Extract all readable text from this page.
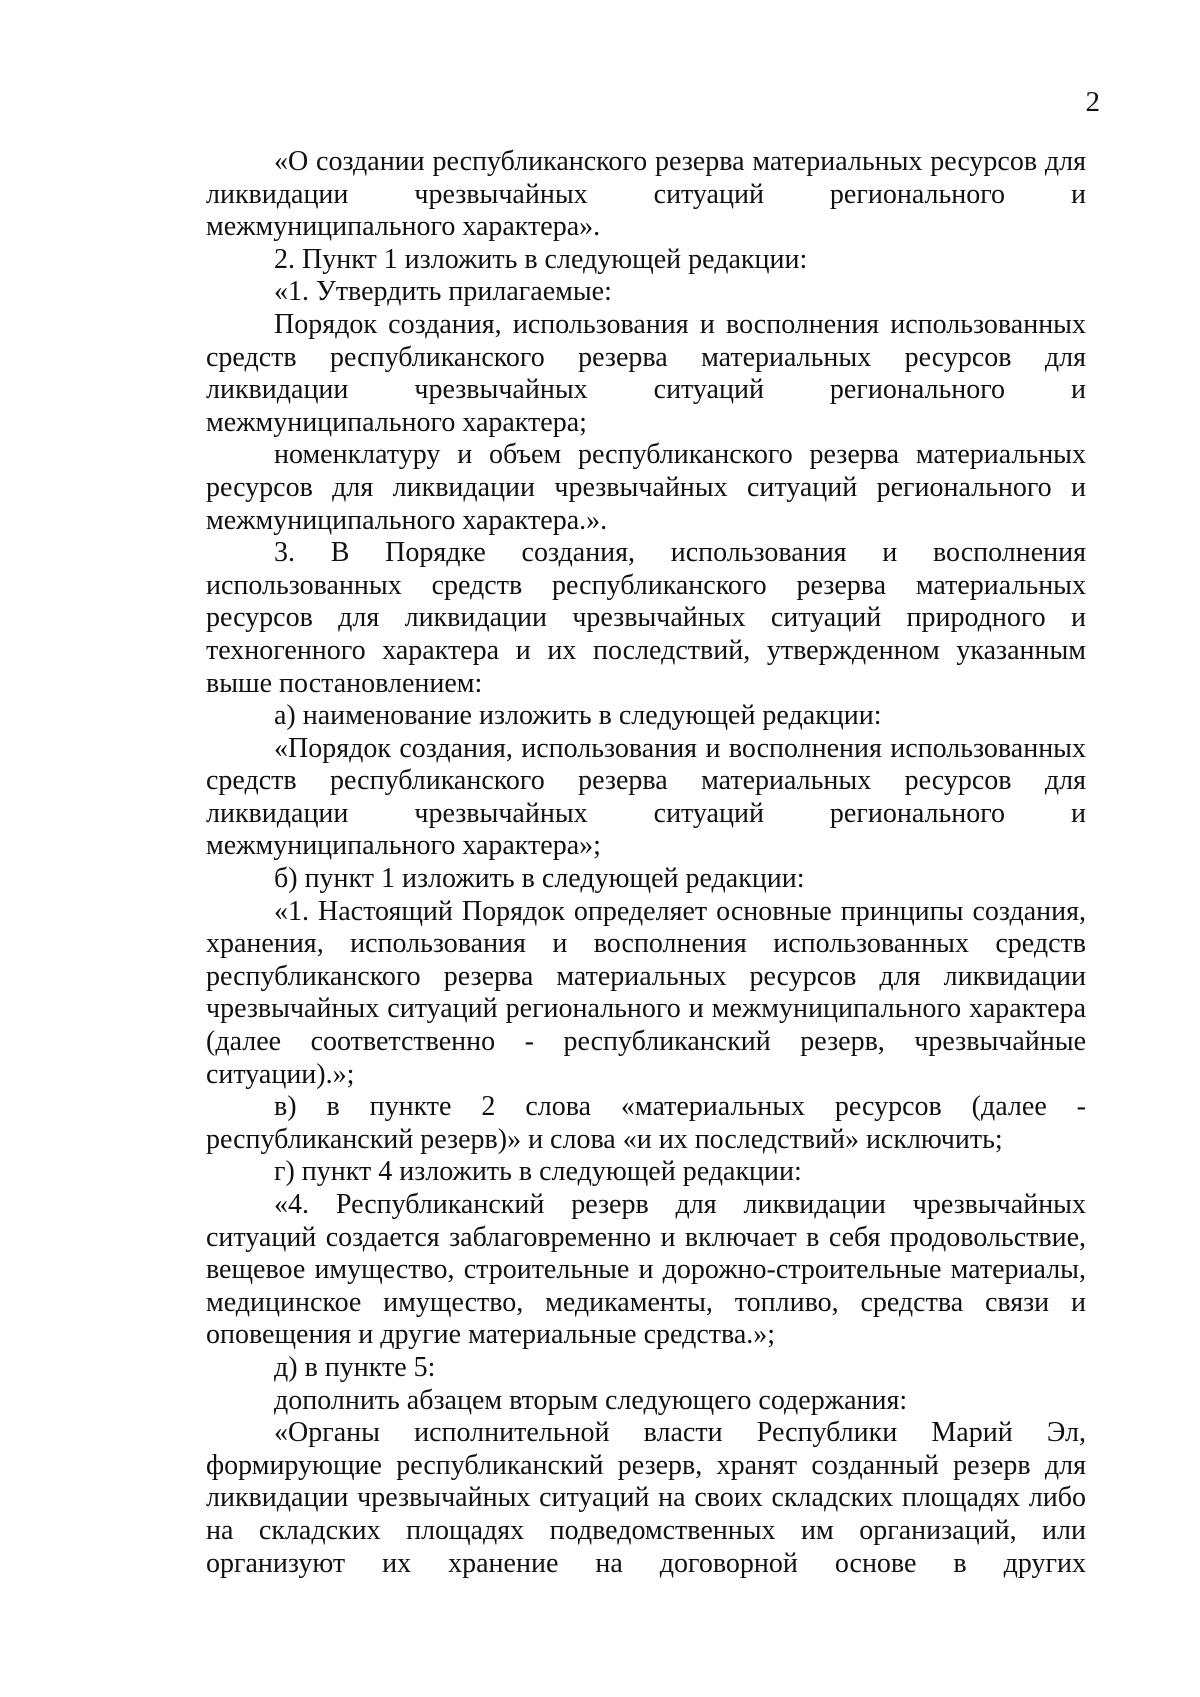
2

«О создании республиканского резерва материальных ресурсов для ликвидации чрезвычайных ситуаций регионального и межмуниципального характера».

2. Пункт 1 изложить в следующей редакции:

«1. Утвердить прилагаемые:

Порядок создания, использования и восполнения использованных средств республиканского резерва материальных ресурсов для ликвидации чрезвычайных ситуаций регионального и межмуниципального характера;

номенклатуру и объем республиканского резерва материальных ресурсов для ликвидации чрезвычайных ситуаций регионального и межмуниципального характера.».

3. В Порядке создания, использования и восполнения использованных средств республиканского резерва материальных ресурсов для ликвидации чрезвычайных ситуаций природного и техногенного характера и их последствий, утвержденном указанным выше постановлением:

а) наименование изложить в следующей редакции:

«Порядок создания, использования и восполнения использованных средств республиканского резерва материальных ресурсов для ликвидации чрезвычайных ситуаций регионального и межмуниципального характера»;

б) пункт 1 изложить в следующей редакции:

«1. Настоящий Порядок определяет основные принципы создания, хранения, использования и восполнения использованных средств республиканского резерва материальных ресурсов для ликвидации чрезвычайных ситуаций регионального и межмуниципального характера (далее соответственно - республиканский резерв, чрезвычайные ситуации).»;

в) в пункте 2 слова «материальных ресурсов (далее - республиканский резерв)» и слова «и их последствий» исключить;

г) пункт 4 изложить в следующей редакции:

«4. Республиканский резерв для ликвидации чрезвычайных ситуаций создается заблаговременно и включает в себя продовольствие, вещевое имущество, строительные и дорожно-строительные материалы, медицинское имущество, медикаменты, топливо, средства связи и оповещения и другие материальные средства.»;

д) в пункте 5:

дополнить абзацем вторым следующего содержания:

«Органы исполнительной власти Республики Марий Эл, формирующие республиканский резерв, хранят созданный резерв для ликвидации чрезвычайных ситуаций на своих складских площадях либо на складских площадях подведомственных им организаций, или организуют их хранение на договорной основе в других
